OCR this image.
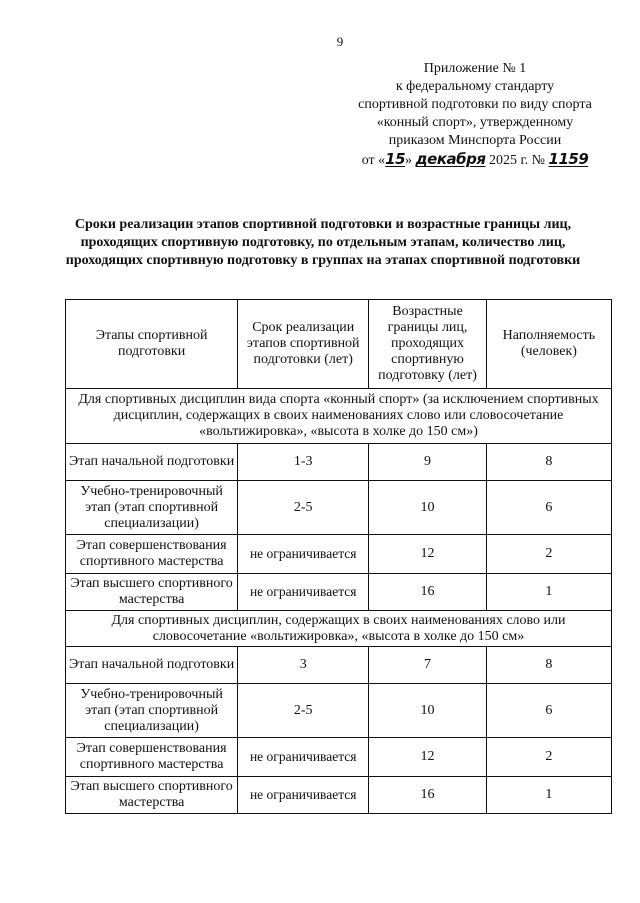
9
Приложение № 1
к федеральному стандарту
спортивной подготовки по виду спорта
«конный спорт», утвержденному
приказом Минспорта России
от «15» декабря 2025 г. № 1159
Сроки реализации этапов спортивной подготовки и возрастные границы лиц, проходящих спортивную подготовку, по отдельным этапам, количество лиц, проходящих спортивную подготовку в группах на этапах спортивной подготовки
Этапы спортивной подготовки	Срок реализации этапов спортивной подготовки (лет)	Возрастные границы лиц, проходящих спортивную подготовку (лет)	Наполняемость (человек)
Для спортивных дисциплин вида спорта «конный спорт» (за исключением спортивных дисциплин, содержащих в своих наименованиях слово или словосочетание «вольтижировка», «высота в холке до 150 см»)			
Этап начальной подготовки	1-3	9	8
Учебно-тренировочный этап (этап спортивной специализации)	2-5	10	6
Этап совершенствования спортивного мастерства	не ограничивается	12	2
Этап высшего спортивного мастерства	не ограничивается	16	1
Для спортивных дисциплин, содержащих в своих наименованиях слово или словосочетание «вольтижировка», «высота в холке до 150 см»			
Этап начальной подготовки	3	7	8
Учебно-тренировочный этап (этап спортивной специализации)	2-5	10	6
Этап совершенствования спортивного мастерства	не ограничивается	12	2
Этап высшего спортивного мастерства	не ограничивается	16	1
